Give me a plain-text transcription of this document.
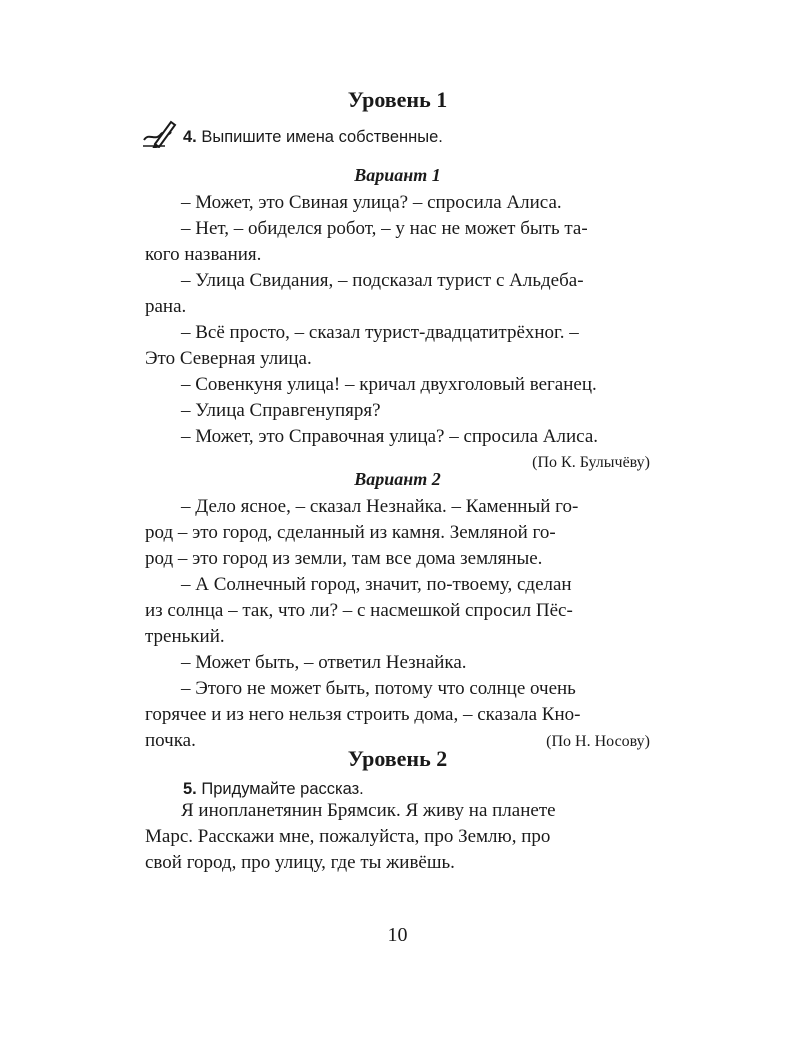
Уровень 1
4. Выпишите имена собственные.
Вариант 1
– Может, это Свиная улица? – спросила Алиса.
– Нет, – обиделся робот, – у нас не может быть та-
кого названия.
– Улица Свидания, – подсказал турист с Альдеба-
рана.
– Всё просто, – сказал турист-двадцатитрёхног. –
Это Северная улица.
– Совенкуня улица! – кричал двухголовый веганец.
– Улица Справгенупяря?
– Может, это Справочная улица? – спросила Алиса.
(По К. Булычёву)
Вариант 2
– Дело ясное, – сказал Незнайка. – Каменный го-
род – это город, сделанный из камня. Земляной го-
род – это город из земли, там все дома земляные.
– А Солнечный город, значит, по-твоему, сделан
из солнца – так, что ли? – с насмешкой спросил Пёс-
тренький.
– Может быть, – ответил Незнайка.
– Этого не может быть, потому что солнце очень
горячее и из него нельзя строить дома, – сказала Кно-
почка.	(По Н. Носову)
Уровень 2
5. Придумайте рассказ.
Я инопланетянин Брямсик. Я живу на планете
Марс. Расскажи мне, пожалуйста, про Землю, про
свой город, про улицу, где ты живёшь.
10
